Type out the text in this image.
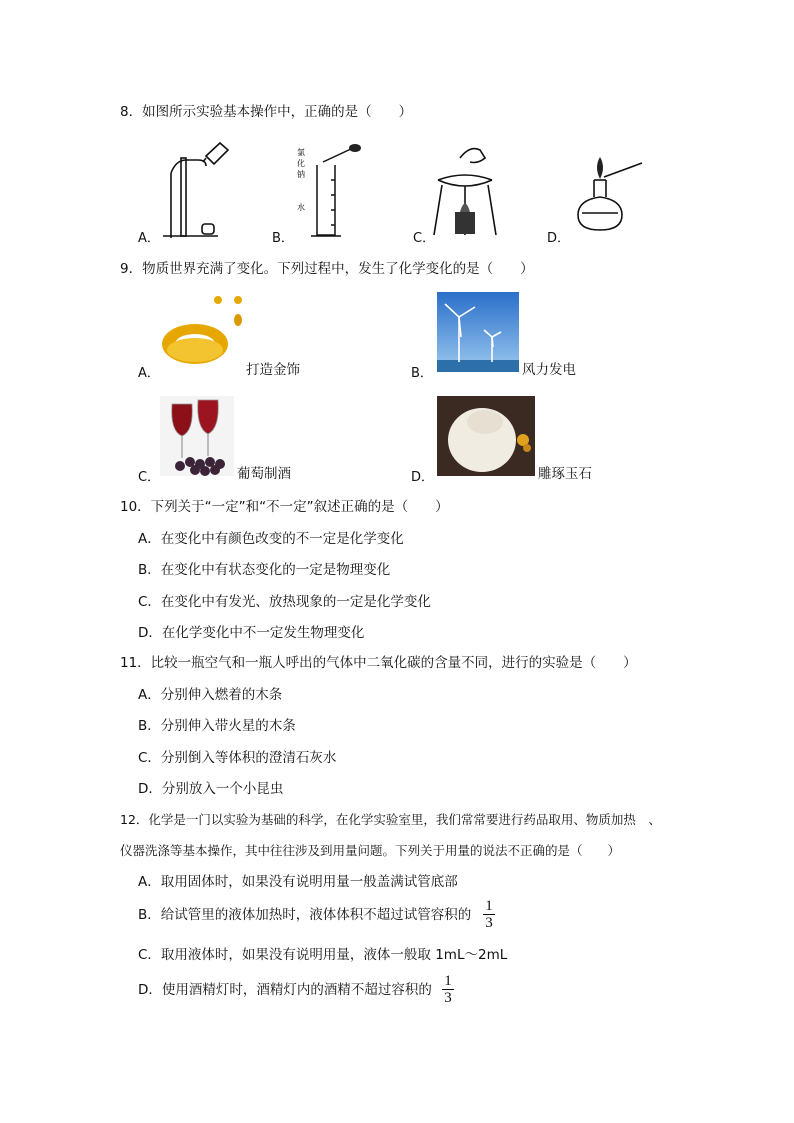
8．如图所示实验基本操作中，正确的是（　　）
A．	B．
氯
化
钠
水
C．	D．
9．物质世界充满了变化。下列过程中，发生了化学变化的是（　　）
A．	打造金饰	B．	风力发电
C．	葡萄制酒	D．	雕琢玉石
10．下列关于“一定”和“不一定”叙述正确的是（　　）
A．在变化中有颜色改变的不一定是化学变化
B．在变化中有状态变化的一定是物理变化
C．在变化中有发光、放热现象的一定是化学变化
D．在化学变化中不一定发生物理变化
11．比较一瓶空气和一瓶人呼出的气体中二氧化碳的含量不同，进行的实验是（　　）
A．分别伸入燃着的木条
B．分别伸入带火星的木条
C．分别倒入等体积的澄清石灰水
D．分别放入一个小昆虫
12．化学是一门以实验为基础的科学，在化学实验室里，我们常常要进行药品取用、物质加热　、
仪器洗涤等基本操作，其中往往涉及到用量问题。下列关于用量的说法不正确的是（　　）
A．取用固体时，如果没有说明用量一般盖满试管底部
B．给试管里的液体加热时，液体体积不超过试管容积的
1
3
C．取用液体时，如果没有说明用量，液体一般取 1mL～2mL
D．使用酒精灯时，酒精灯内的酒精不超过容积的
1
3
